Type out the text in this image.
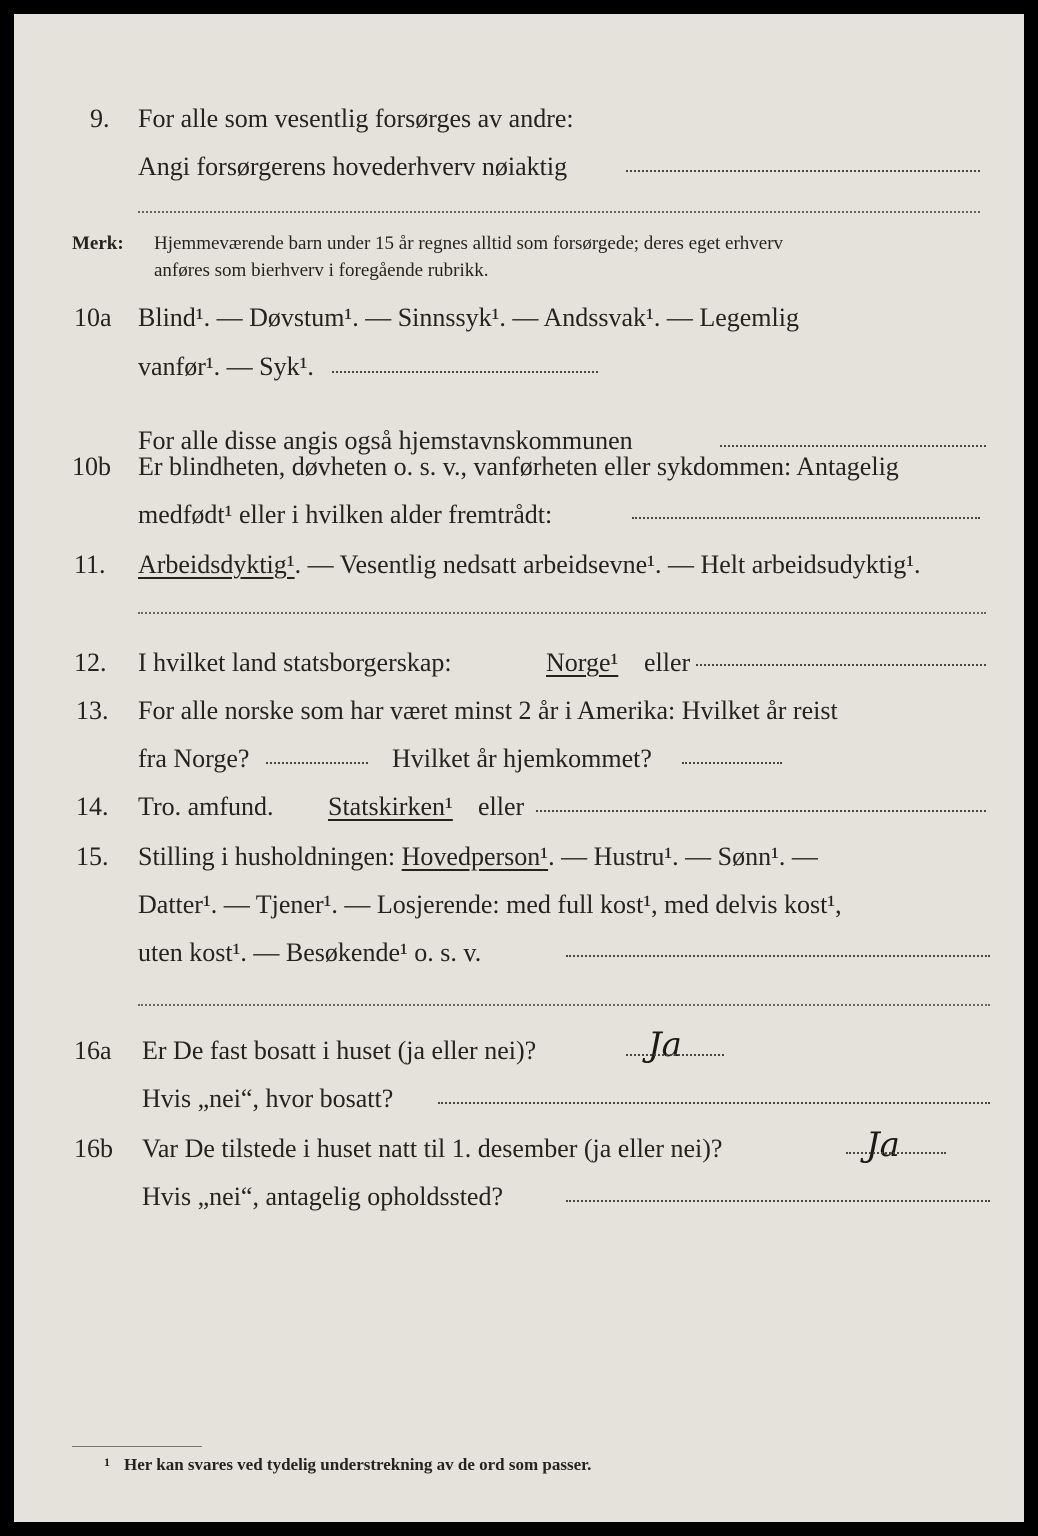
9. For alle som vesentlig forsørges av andre:
Angi forsørgerens hovederhverv nøiaktig
Merk: Hjemmeværende barn under 15 år regnes alltid som forsørgede; deres eget erhverv
anføres som bierhverv i foregående rubrikk.
10a Blind¹. — Døvstum¹. — Sinnssyk¹. — Andssvak¹. — Legemlig
vanfør¹. — Syk¹.
For alle disse angis også hjemstavnskommunen
10b Er blindheten, døvheten o. s. v., vanførheten eller sykdommen: Antagelig
medfødt¹ eller i hvilken alder fremtrådt:
11. Arbeidsdyktig¹. — Vesentlig nedsatt arbeidsevne¹. — Helt arbeidsudyktig¹.
12. I hvilket land statsborgerskap:	Norge¹ eller
13. For alle norske som har været minst 2 år i Amerika: Hvilket år reist
fra Norge?	Hvilket år hjemkommet?
14. Tro. amfund. Statskirken¹ eller
15. Stilling i husholdningen: Hovedperson¹. — Hustru¹. — Sønn¹. —
Datter¹. — Tjener¹. — Losjerende: med full kost¹, med delvis kost¹,
uten kost¹. — Besøkende¹ o. s. v.
16a Er De fast bosatt i huset (ja eller nei)?	Ja
Hvis „nei“, hvor bosatt?
16b Var De tilstede i huset natt til 1. desember (ja eller nei)?	Ja
Hvis „nei“, antagelig opholdssted?
1 Her kan svares ved tydelig understrekning av de ord som passer.
